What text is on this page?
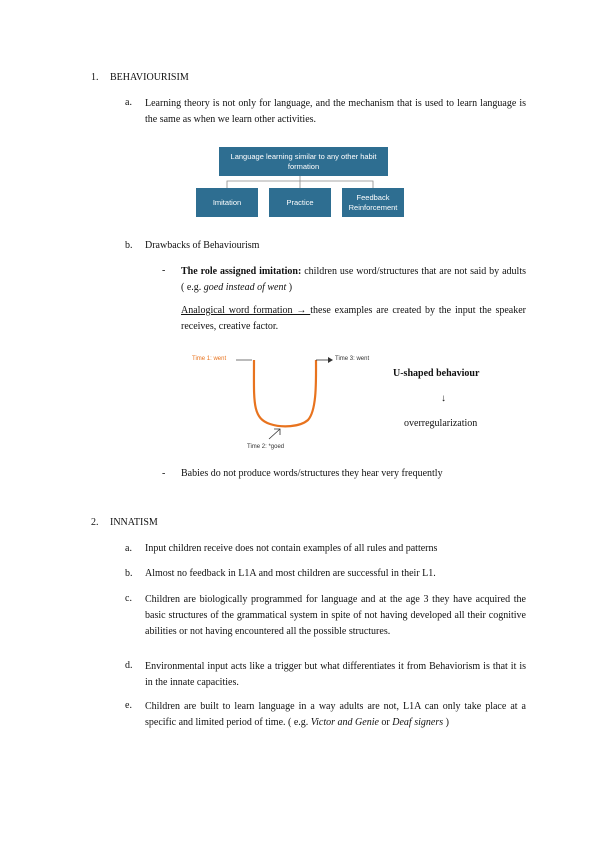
1. BEHAVIOURISIM
a. Learning theory is not only for language, and the mechanism that is used to learn language is the same as when we learn other activities.
Language learning similar to any other habit formation
Imitation	Practice
Feedback Reinforcement
b. Drawbacks of Behaviourism
- The role assigned imitation: children use word/structures that are not said by adults ( e.g. goed instead of went )
Analogical word formation → these examples are created by the input the speaker receives, creative factor.
Time 1: went	Time 3: went
Time 2: *goed
U-shaped behaviour
↓
overregularization
- Babies do not produce words/structures they hear very frequently
2. INNATISM
a. Input children receive does not contain examples of all rules and patterns
b. Almost no feedback in L1A and most children are successful in their L1.
c. Children are biologically programmed for language and at the age 3 they have acquired the basic structures of the grammatical system in spite of not having developed all their cognitive abilities or not having encountered all the possible structures.
d. Environmental input acts like a trigger but what differentiates it from Behaviorism is that it is in the innate capacities.
e. Children are built to learn language in a way adults are not, L1A can only take place at a specific and limited period of time. ( e.g. Victor and Genie or Deaf signers )
